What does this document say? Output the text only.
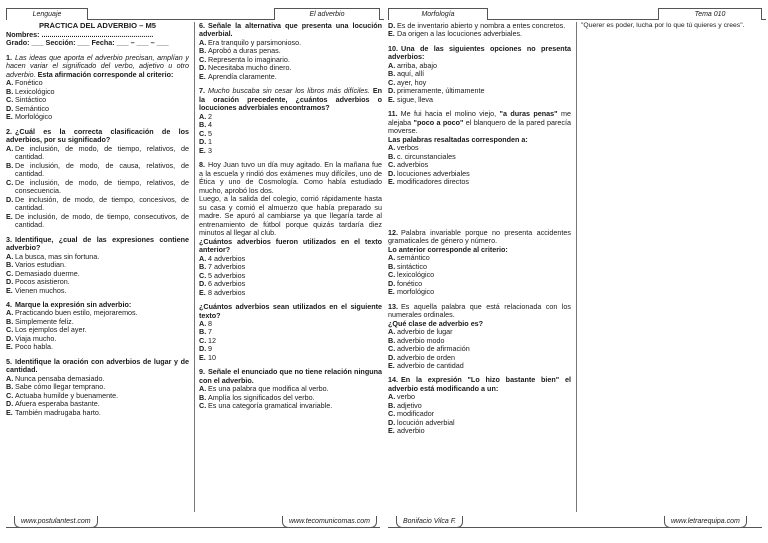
Lenguaje	El adverbio
PRÁCTICA DEL ADVERBIO – M5
Nombres: ........................................................
Grado: ___ Sección: ___ Fecha: ___ – ___ – ___
1. Las ideas que aporta el adverbio precisan, amplían y hacen variar el significado del verbo, adjetivo u otro adverbio. Esta afirmación corresponde al criterio:
A. Fonético
B. Lexicológico
C. Sintáctico
D. Semántico
E. Morfológico
2. ¿Cuál es la correcta clasificación de los adverbios, por su significado?
A. De inclusión, de modo, de tiempo, relativos, de cantidad.
B. De inclusión, de modo, de causa, relativos, de cantidad.
C. De inclusión, de modo, de tiempo, relativos, de consecuencia.
D. De inclusión, de modo, de tiempo, concesivos, de cantidad.
E. De inclusión, de modo, de tiempo, consecutivos, de cantidad.
3. Identifique, ¿cual de las expresiones contiene adverbio?
A. La busca, mas sin fortuna.
B. Varios estudian.
C. Demasiado duerme.
D. Pocos asistieron.
E. Vienen muchos.
4. Marque la expresión sin adverbio:
A. Practicando buen estilo, mejoraremos.
B. Simplemente feliz.
C. Los ejemplos del ayer.
D. Viaja mucho.
E. Poco habla.
5. Identifique la oración con adverbios de lugar y de cantidad.
A. Nunca pensaba demasiado.
B. Sabe cómo llegar temprano.
C. Actuaba humilde y buenamente.
D. Afuera esperaba bastante.
E. También madrugaba harto.
6. Señale la alternativa que presenta una locución adverbial.
A. Era tranquilo y parsimonioso.
B. Aprobó a duras penas.
C. Representa lo imaginario.
D. Necesitaba mucho dinero.
E. Aprendía claramente.
7. Mucho buscaba sin cesar los libros más difíciles. En la oración precedente, ¿cuántos adverbios o locuciones adverbiales encontramos?
A. 2
B. 4
C. 5
D. 1
E. 3
8. Hoy Juan tuvo un día muy agitado. En la mañana fue a la escuela y rindió dos exámenes muy difíciles, uno de Ética y uno de Cosmología. Como había estudiado mucho, aprobó los dos.
Luego, a la salida del colegio, corrió rápidamente hasta su casa y comió el almuerzo que había preparado su madre. Se apuró al cambiarse ya que llegaría tarde al entrenamiento de fútbol porque quizás tardaría diez minutos al llegar al club.
¿Cuántos adverbios fueron utilizados en el texto anterior?
A. 4 adverbios
B. 7 adverbios
C. 5 adverbios
D. 6 adverbios
E. 8 adverbios
¿Cuántos adverbios sean utilizados en el siguiente texto?
A. 8
B. 7
C. 12
D. 9
E. 10
9. Señale el enunciado que no tiene relación ninguna con el adverbio.
A. Es una palabra que modifica al verbo.
B. Amplía los significados del verbo.
C. Es una categoría gramatical invariable.
www.postulantest.com	www.tecomunicomas.com
Morfología	Tema 010
D. Es de inventario abierto y nombra a entes concretos.
E. Da origen a las locuciones adverbiales.
10. Una de las siguientes opciones no presenta adverbios:
A. arriba, abajo
B. aquí, allí
C. ayer, hoy
D. primeramente, últimamente
E. sigue, lleva
11. Me fui hacia el molino viejo, "a duras penas" me alejaba "poco a poco" el blanquero de la pared parecía moverse.
Las palabras resaltadas corresponden a:
A. verbos
B. c. circunstanciales
C. adverbios
D. locuciones adverbiales
E. modificadores directos
12. Palabra invariable porque no presenta accidentes gramaticales de género y número.
Lo anterior corresponde al criterio:
A. semántico
B. sintáctico
C. lexicológico
D. fonético
E. morfológico
13. Es aquella palabra que está relacionada con los numerales ordinales.
¿Qué clase de adverbio es?
A. adverbio de lugar
B. adverbio modo
C. adverbio de afirmación
D. adverbio de orden
E. adverbio de cantidad
14. En la expresión "Lo hizo bastante bien" el adverbio está modificando a un:
A. verbo
B. adjetivo
C. modificador
D. locución adverbial
E. adverbio
"Querer es poder, lucha por lo que tú quieres y crees".
Bonifacio Vilca F.	www.letrarequipa.com
